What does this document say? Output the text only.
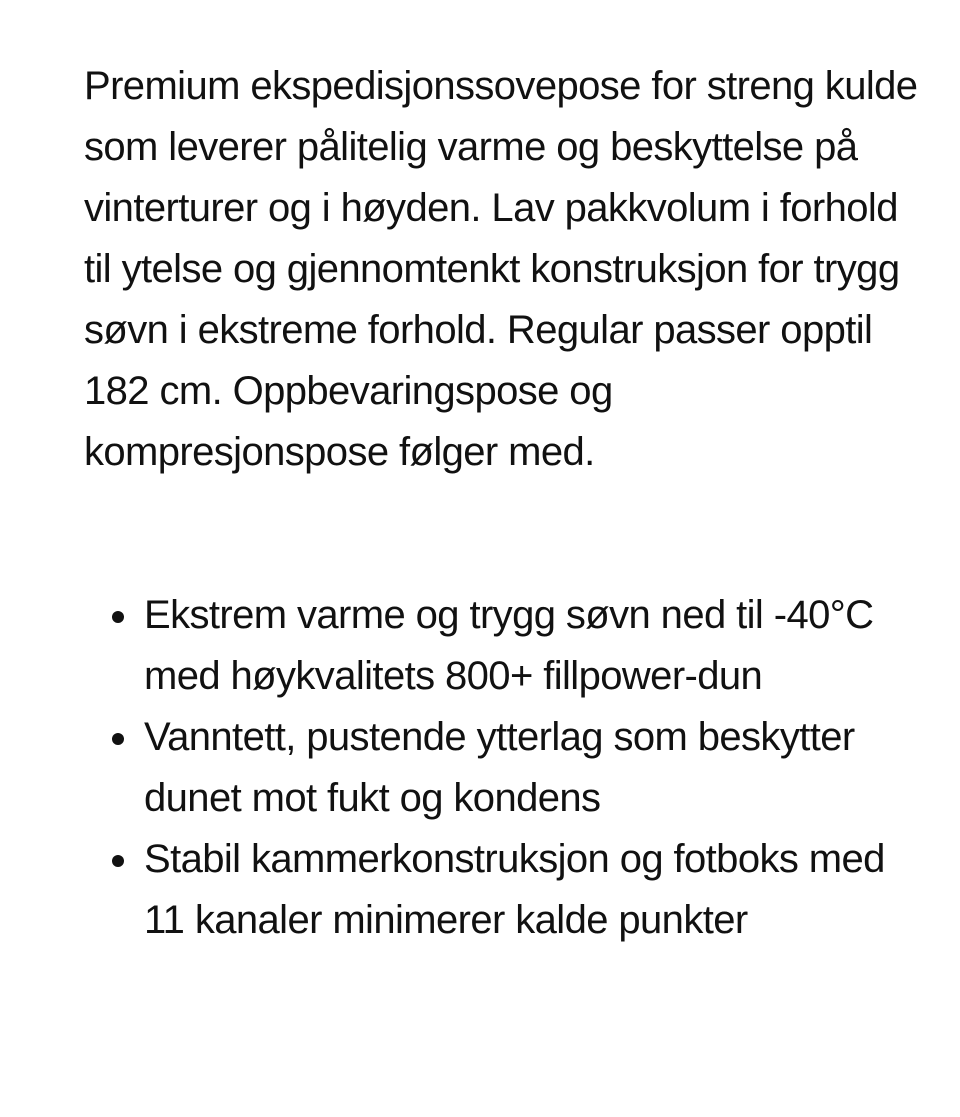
Premium ekspedisjonssovepose for streng kulde som leverer pålitelig varme og beskyttelse på vinterturer og i høyden. Lav pakkvolum i forhold til ytelse og gjennomtenkt konstruksjon for trygg søvn i ekstreme forhold. Regular passer opptil 182 cm. Oppbevaringspose og kompresjonspose følger med.

Ekstrem varme og trygg søvn ned til -40°C med høykvalitets 800+ fillpower-dun
Vanntett, pustende ytterlag som beskytter dunet mot fukt og kondens
Stabil kammerkonstruksjon og fotboks med 11 kanaler minimerer kalde punkter
